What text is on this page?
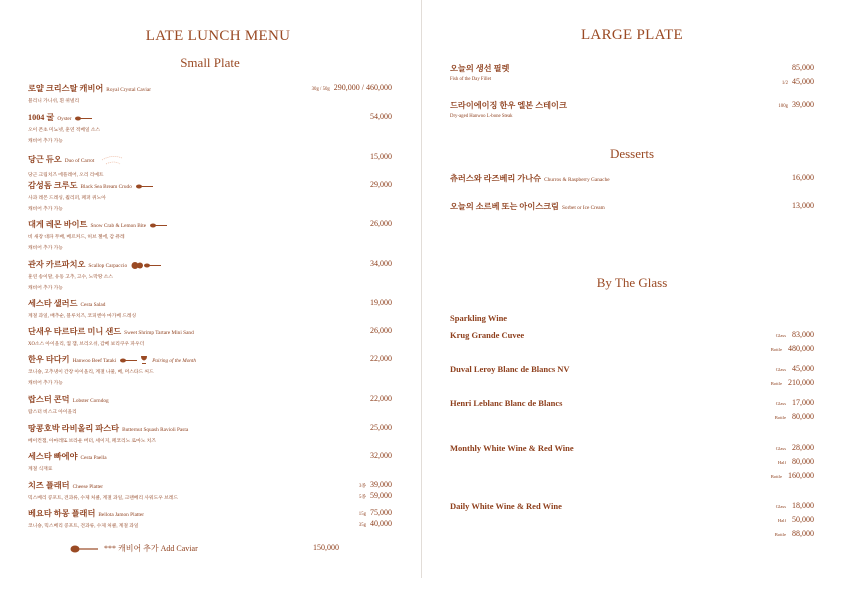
LATE LUNCH MENU
Small Plate
로얄 크리스탈 캐비어 Royal Crystal Caviar
블리니 가니쉬, 흰 퀴넬리
30g / 50g 290,000 / 460,000
1004 굴 Oyster
오이 폰초 미뇨넷, 훈연 적베일 소스
캐비어 추가 가능
54,000
당근 듀오 Duo of Carrot
당근 크림치즈 에플레어, 오리 리예트
15,000
감성돔 크루도 Black Sea Bream Crudo
사과 레몬 드레싱, 퀄리퍼, 페퍼 퀴노아
캐비어 추가 가능
29,000
대게 레몬 바이트 Snow Crab & Lemon Bite
비 새장 대파 무배, 베르커드, 허브 젤에, 감 퓨레
캐비어 추가 가능
26,000
관자 카르파치오 Scallop Carpaccio
훈연 송이말, 유동 고추, 고수, 노막땅 소스
캐비어 추가 가능
34,000
세스타 샐러드 Cesta Salad
계절 과일, 배추순, 블루치즈, 코피엔아 마가베 드레싱
19,000
단새우 타르타르 미니 샌드 Sweet Shrimp Tartare Mini Sand
XO소스 아이올리, 궐 잼, 브리오쉬, 감베 보리쿠우 파우더
26,000
한우 타다키 Hanwoo Beef Tataki	Pairing of the Month
코니숑, 고추냉이 간장 아이올리, 계절 나물, 베, 머스타드 씨드
캐비어 추가 가능
22,000
랍스터 콘덕 Lobster Corndog
랍스터 비스크 아이올리
22,000
땅콩호박 라비올리 파스타 Butternut Squash Ravioli Pasta
베이컨잼, 아마레또 브라운 버터, 세이지, 페코리노 로마노 치즈
25,000
세스타 빠에야 Cesta Paella
계절 식재료
32,000
치즈 플래터 Cheese Platter
믹스베리 콩포트, 견과류, 수제 처클, 계절 과일, 크랜베리 사워도우 브레드
3종 39,000
5종 59,000
베요타 하몽 플래터 Bellota Jamon Platter
코니숑, 믹스베리 콩포트, 견과류, 수제 처클, 계절 과일
15g 75,000
35g 40,000
*** 캐비어 추가 Add Caviar	150,000
LARGE PLATE
오늘의 생선 필렛
Fish of the Day Fillet
85,000
1/2 45,000
드라이에이징 한우 엘본 스테이크
Dry-aged Hanwoo L-bone Steak
100g 39,000
Desserts
츄러스와 라즈베리 가나슈 Churros & Raspberry Ganache	16,000
오늘의 소르베 또는 아이스크림 Sorbet or Ice Cream	13,000
By The Glass
Sparkling Wine
Krug Grande Cuvee	Glass 83,000
Bottle 480,000
Duval Leroy Blanc de Blancs NV	Glass 45,000
Bottle 210,000
Henri Leblanc Blanc de Blancs	Glass 17,000
Bottle 80,000
Monthly White Wine & Red Wine	Glass 28,000
Half 80,000
Bottle 160,000
Daily White Wine & Red Wine	Glass 18,000
Half 50,000
Bottle 88,000
